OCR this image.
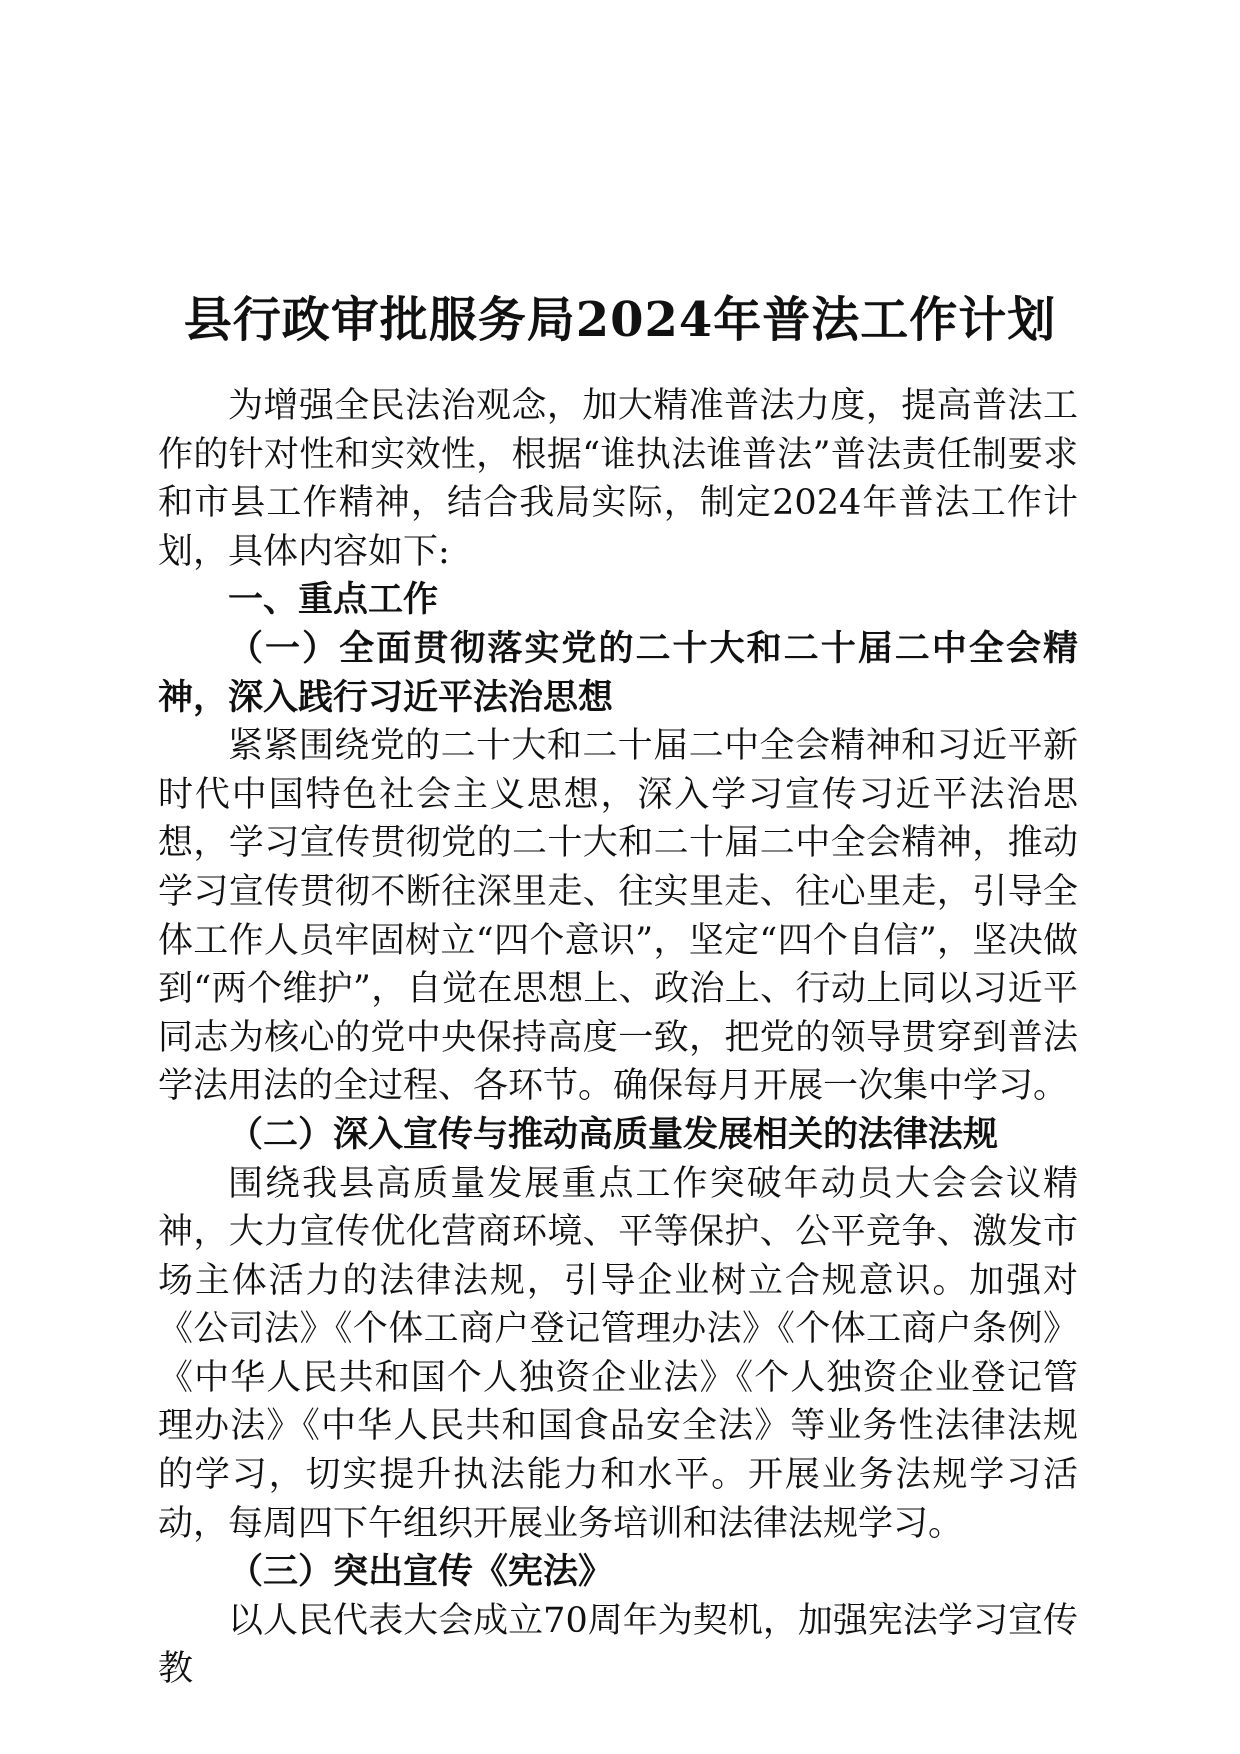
县行政审批服务局2024年普法工作计划

为增强全民法治观念，加大精准普法力度，提高普法工作的针对性和实效性，根据“谁执法谁普法”普法责任制要求和市县工作精神，结合我局实际，制定2024年普法工作计划，具体内容如下:

一、重点工作

（一）全面贯彻落实党的二十大和二十届二中全会精神，深入践行习近平法治思想

紧紧围绕党的二十大和二十届二中全会精神和习近平新时代中国特色社会主义思想，深入学习宣传习近平法治思想，学习宣传贯彻党的二十大和二十届二中全会精神，推动学习宣传贯彻不断往深里走、往实里走、往心里走，引导全体工作人员牢固树立“四个意识”，坚定“四个自信”，坚决做到“两个维护”，自觉在思想上、政治上、行动上同以习近平同志为核心的党中央保持高度一致，把党的领导贯穿到普法学法用法的全过程、各环节。确保每月开展一次集中学习。

（二）深入宣传与推动高质量发展相关的法律法规

围绕我县高质量发展重点工作突破年动员大会会议精神，大力宣传优化营商环境、平等保护、公平竞争、激发市场主体活力的法律法规，引导企业树立合规意识。加强对《公司法》《个体工商户登记管理办法》《个体工商户条例》《中华人民共和国个人独资企业法》《个人独资企业登记管理办法》《中华人民共和国食品安全法》等业务性法律法规的学习，切实提升执法能力和水平。开展业务法规学习活动，每周四下午组织开展业务培训和法律法规学习。

（三）突出宣传《宪法》

以人民代表大会成立70周年为契机，加强宪法学习宣传教
